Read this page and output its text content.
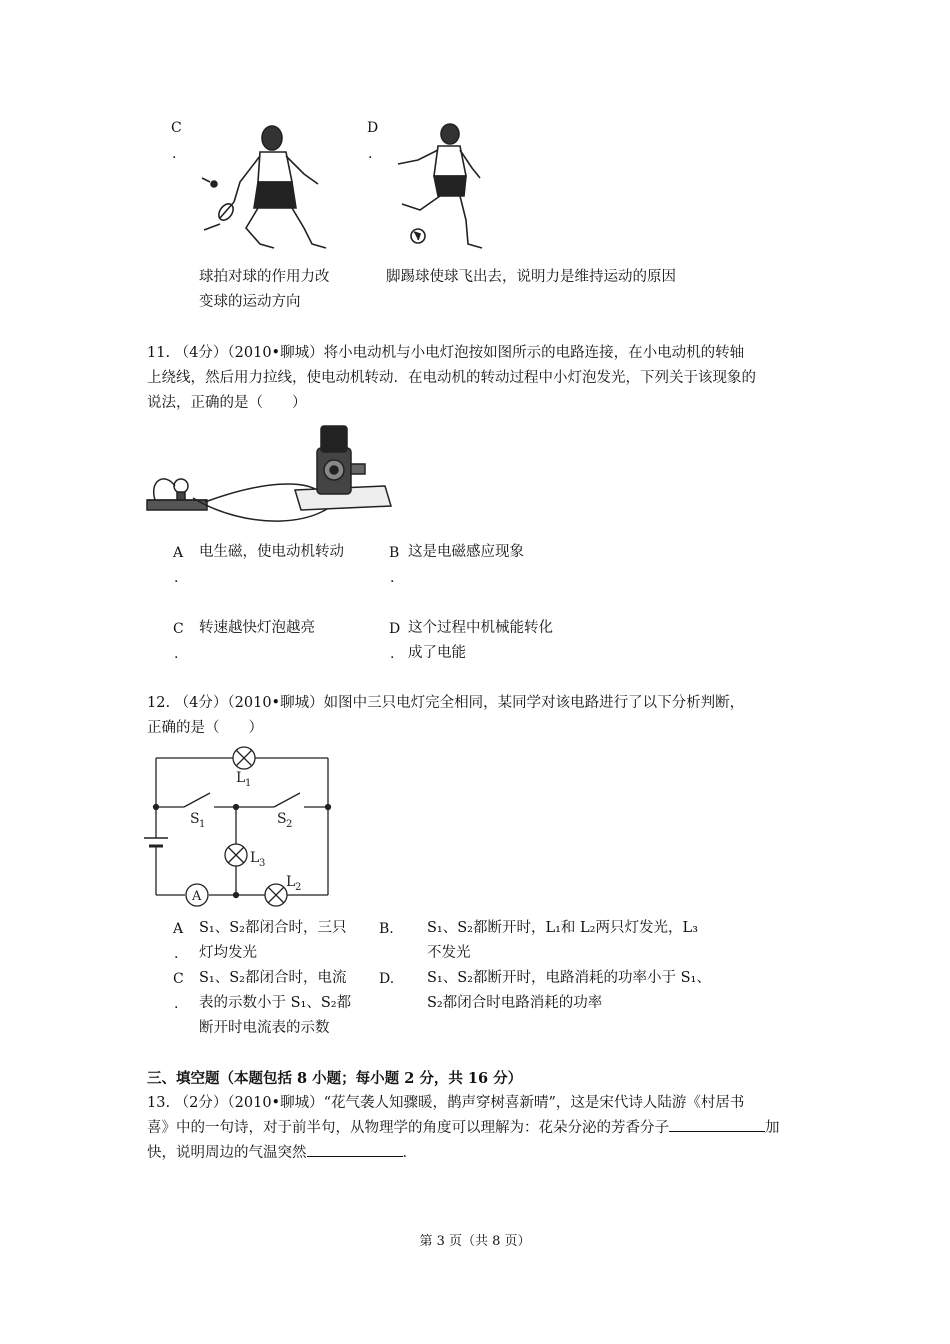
C
.
球拍对球的作用力改
变球的运动方向
D
.
脚踢球使球飞出去，说明力是维持运动的原因
11. （4分）（2010•聊城）将小电动机与小电灯泡按如图所示的电路连接，在小电动机的转轴
上绕线，然后用力拉线，使电动机转动．在电动机的转动过程中小灯泡发光，下列关于该现象的
说法，正确的是（　　）
A
.
电生磁，使电动机转动	B
.
这是电磁感应现象
C
.
转速越快灯泡越亮	D
.
这个过程中机械能转化
成了电能
12. （4分）（2010•聊城）如图中三只电灯完全相同，某同学对该电路进行了以下分析判断，
正确的是（　　）
L 1
S 1	S 2
L 3
L 2
A
A
.
S₁、S₂都闭合时，三只
灯均发光
B. S₁、S₂都断开时，L₁和 L₂两只灯发光，L₃
不发光
C
.
S₁、S₂都闭合时，电流
表的示数小于 S₁、S₂都
断开时电流表的示数
D. S₁、S₂都断开时，电路消耗的功率小于 S₁、
S₂都闭合时电路消耗的功率
三、填空题（本题包括 8 小题；每小题 2 分，共 16 分）
13. （2分）（2010•聊城）“花气袭人知骤暖，鹊声穿树喜新晴”，这是宋代诗人陆游《村居书
喜》中的一句诗，对于前半句，从物理学的角度可以理解为：花朵分泌的芳香分子	加
快，说明周边的气温突然	．
第 3 页（共 8 页）
